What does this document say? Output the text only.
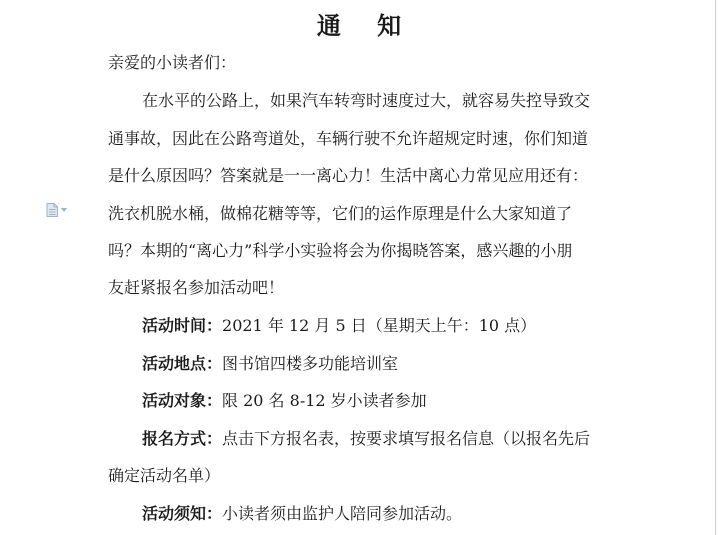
通 知
亲爱的小读者们：
在水平的公路上，如果汽车转弯时速度过大，就容易失控导致交
通事故，因此在公路弯道处，车辆行驶不允许超规定时速，你们知道
是什么原因吗？答案就是一一离心力！生活中离心力常见应用还有：
洗衣机脱水桶，做棉花糖等等，它们的运作原理是什么大家知道了
吗？本期的“离心力”科学小实验将会为你揭晓答案，感兴趣的小朋
友赶紧报名参加活动吧！
活动时间：2021 年 12 月 5 日（星期天上午：10 点）
活动地点：图书馆四楼多功能培训室
活动对象：限 20 名 8-12 岁小读者参加
报名方式：点击下方报名表，按要求填写报名信息（以报名先后
确定活动名单）
活动须知：小读者须由监护人陪同参加活动。
